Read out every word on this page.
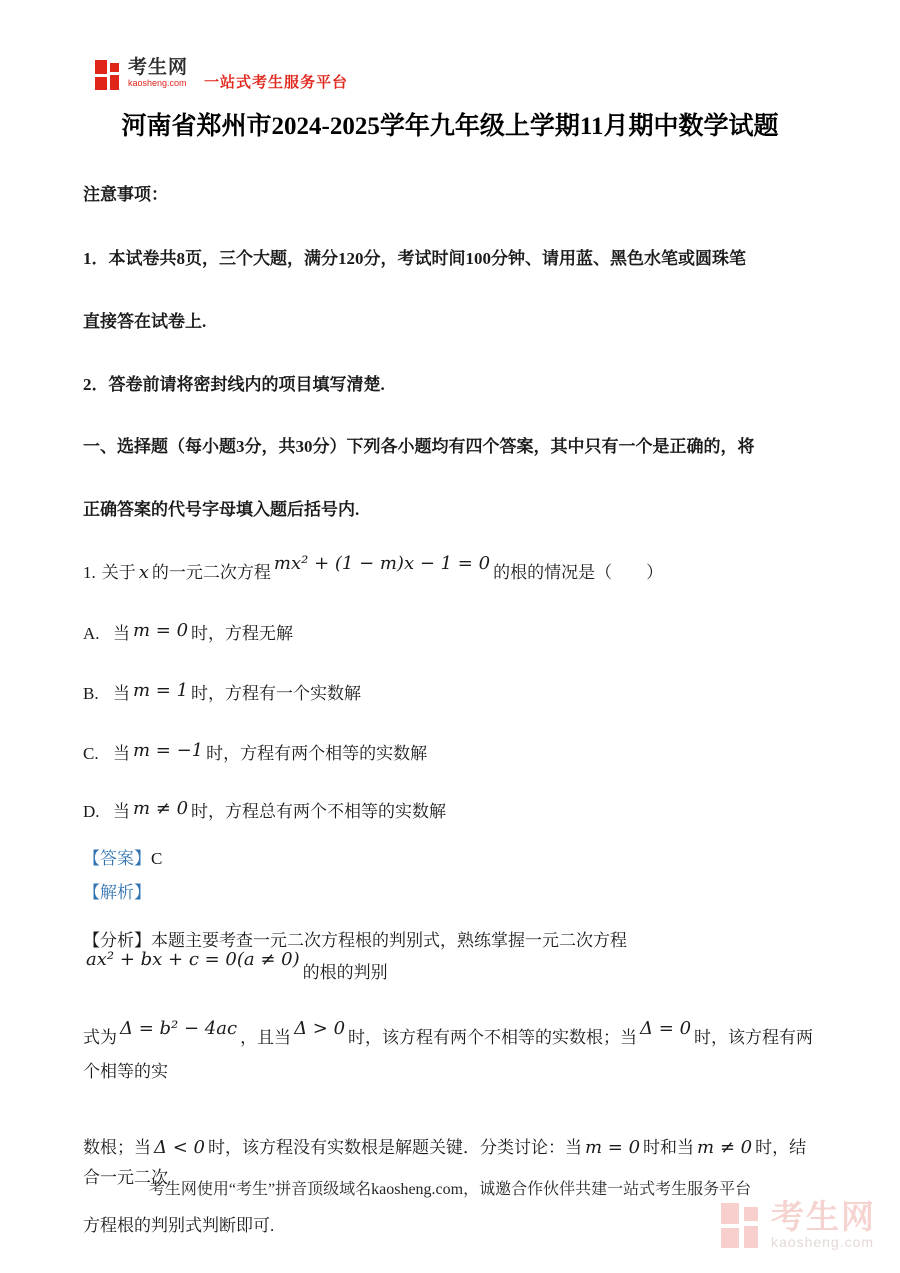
考生网
kaosheng.com 一站式考生服务平台
河南省郑州市2024-2025学年九年级上学期11月期中数学试题

注意事项：

1．本试卷共8页，三个大题，满分120分，考试时间100分钟、请用蓝、黑色水笔或圆珠笔

直接答在试卷上.

2．答卷前请将密封线内的项目填写清楚.

一、选择题（每小题3分，共30分）下列各小题均有四个答案，其中只有一个是正确的，将

正确答案的代号字母填入题后括号内.

1. 关于 x 的一元二次方程 mx² + (1 − m)x − 1 = 0 的根的情况是（　　）

A. 当 m = 0 时，方程无解

B. 当 m = 1 时，方程有一个实数解

C. 当 m = −1 时，方程有两个相等的实数解

D. 当 m ≠ 0 时，方程总有两个不相等的实数解

【答案】C

【解析】

【分析】本题主要考查一元二次方程根的判别式，熟练掌握一元二次方程ax² + bx + c = 0(a ≠ 0)的根的判别

式为 Δ = b² − 4ac ，且当 Δ > 0 时，该方程有两个不相等的实数根；当 Δ = 0 时，该方程有两个相等的实

数根；当 Δ < 0 时，该方程没有实数根是解题关键．分类讨论：当 m = 0 时和当 m ≠ 0 时，结合一元二次

方程根的判别式判断即可.

考生网使用“考生”拼音顶级域名kaosheng.com，诚邀合作伙伴共建一站式考生服务平台
考生网
kaosheng.com
